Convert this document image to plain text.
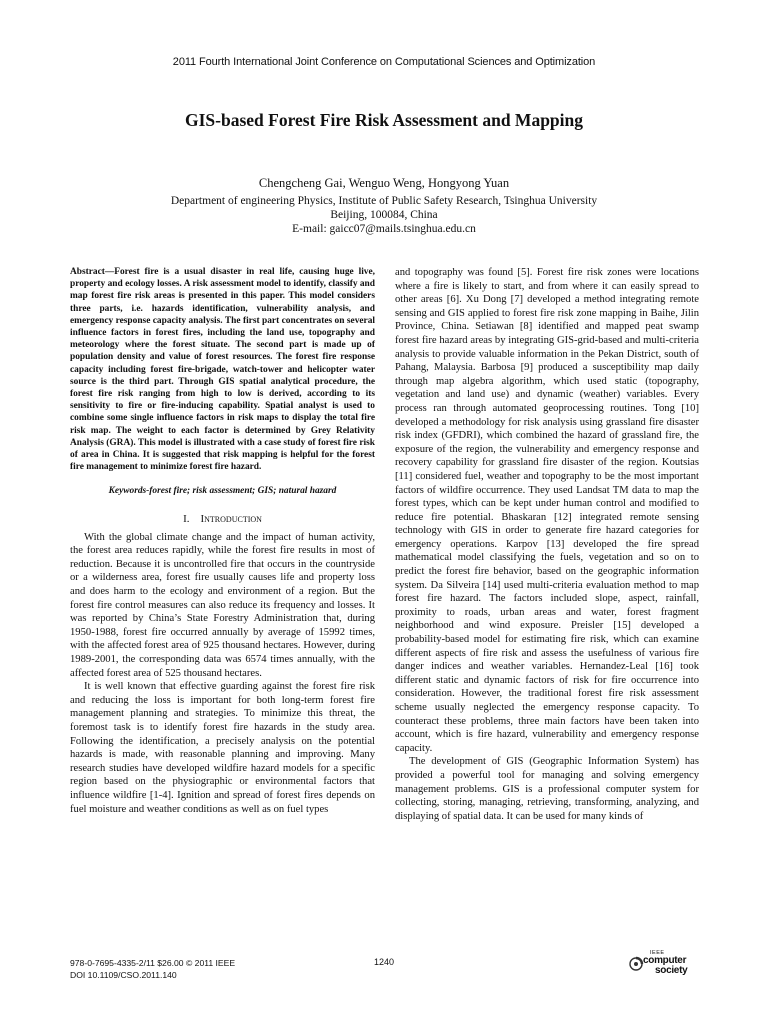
2011 Fourth International Joint Conference on Computational Sciences and Optimization
GIS-based Forest Fire Risk Assessment and Mapping
Chengcheng Gai, Wenguo Weng, Hongyong Yuan
Department of engineering Physics, Institute of Public Safety Research, Tsinghua University
Beijing, 100084, China
E-mail: gaicc07@mails.tsinghua.edu.cn

Abstract—Forest fire is a usual disaster in real life, causing huge live, property and ecology losses. A risk assessment model to identify, classify and map forest fire risk areas is presented in this paper. This model considers three parts, i.e. hazards identification, vulnerability analysis, and emergency response capacity analysis. The first part concentrates on several influence factors in forest fires, including the land use, topography and meteorology where the forest situate. The second part is made up of population density and value of forest resources. The forest fire response capacity including forest fire-brigade, watch-tower and helicopter water source is the third part. Through GIS spatial analytical procedure, the forest fire risk ranging from high to low is derived, according to its sensitivity to fire or fire-inducing capability. Spatial analyst is used to combine some single influence factors in risk maps to display the total fire risk map. The weight to each factor is determined by Grey Relativity Analysis (GRA). This model is illustrated with a case study of forest fire risk of area in China. It is suggested that risk mapping is helpful for the forest fire management to minimize forest fire hazard.

Keywords-forest fire; risk assessment; GIS; natural hazard
I. Introduction

With the global climate change and the impact of human activity, the forest area reduces rapidly, while the forest fire results in most of reduction. Because it is uncontrolled fire that occurs in the countryside or a wilderness area, forest fire usually causes life and property loss and does harm to the ecology and environment of a region. But the forest fire control measures can also reduce its frequency and losses. It was reported by China’s State Forestry Administration that, during 1950-1988, forest fire occurred annually by average of 15992 times, with the affected forest area of 925 thousand hectares. However, during 1989-2001, the corresponding data was 6574 times annually, with the affected forest area of 525 thousand hectares.

It is well known that effective guarding against the forest fire risk and reducing the loss is important for both long-term forest fire management planning and strategies. To minimize this threat, the foremost task is to identify forest fire hazards in the study area. Following the identification, a precisely analysis on the potential hazards is made, with reasonable planning and improving. Many research studies have developed wildfire hazard models for a specific region based on the physiographic or environmental factors that influence wildfire [1-4]. Ignition and spread of forest fires depends on fuel moisture and weather conditions as well as on fuel types

and topography was found [5]. Forest fire risk zones were locations where a fire is likely to start, and from where it can easily spread to other areas [6]. Xu Dong [7] developed a method integrating remote sensing and GIS applied to forest fire risk zone mapping in Baihe, Jilin Province, China. Setiawan [8] identified and mapped peat swamp forest fire hazard areas by integrating GIS-grid-based and multi-criteria analysis to provide valuable information in the Pekan District, south of Pahang, Malaysia. Barbosa [9] produced a susceptibility map daily through map algebra algorithm, which used static (topography, vegetation and land use) and dynamic (weather) variables. Every process ran through automated geoprocessing routines. Tong [10] developed a methodology for risk analysis using grassland fire disaster risk index (GFDRI), which combined the hazard of grassland fire, the exposure of the region, the vulnerability and emergency response and recovery capability for grassland fire disaster of the region. Koutsias [11] considered fuel, weather and topography to be the most important factors of wildfire occurrence. They used Landsat TM data to map the forest types, which can be kept under human control and modified to reduce fire potential. Bhaskaran [12] integrated remote sensing technology with GIS in order to generate fire hazard categories for emergency operations. Karpov [13] developed the fire spread mathematical model classifying the fuels, vegetation and so on to predict the forest fire behavior, based on the geographic information system. Da Silveira [14] used multi-criteria evaluation method to map forest fire hazard. The factors included slope, aspect, rainfall, proximity to roads, urban areas and water, forest fragment neighborhood and wind exposure. Preisler [15] developed a probability-based model for estimating fire risk, which can examine different aspects of fire risk and assess the usefulness of various fire danger indices and weather variables. Hernandez-Leal [16] took different static and dynamic factors of risk for fire occurrence into consideration. However, the traditional forest fire risk assessment scheme usually neglected the emergency response capacity. To counteract these problems, three main factors have been taken into account, which is fire hazard, vulnerability and emergency response capacity.

The development of GIS (Geographic Information System) has provided a powerful tool for managing and solving emergency management problems. GIS is a professional computer system for collecting, storing, managing, retrieving, transforming, analyzing, and displaying of spatial data. It can be used for many kinds of

978-0-7695-4335-2/11 $26.00 © 2011 IEEE
DOI 10.1109/CSO.2011.140
1240
IEEE
computer
society
